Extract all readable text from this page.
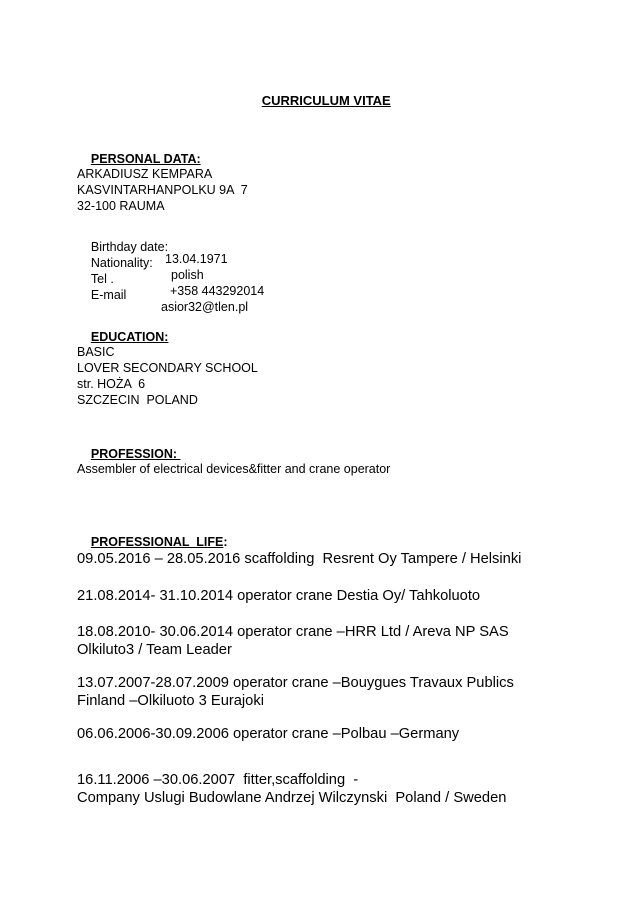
CURRICULUM VITAE

PERSONAL DATA:

ARKADIUSZ KEMPARA
KASVINTARHANPOLKU 9A  7
32-100 RAUMA

Birthday date:

13.04.1971

Nationality:

polish

Tel .

+358 443292014

E-mail

asior32@tlen.pl

EDUCATION:

BASIC
LOVER SECONDARY SCHOOL
str. HOŻA  6
SZCZECIN  POLAND

PROFESSION:

Assembler of electrical devices&fitter and crane operator

PROFESSIONAL  LIFE:

09.05.2016 – 28.05.2016 scaffolding  Resrent Oy Tampere / Helsinki
21.08.2014- 31.10.2014 operator crane Destia Oy/ Tahkoluoto
18.08.2010- 30.06.2014 operator crane –HRR Ltd / Areva NP SAS
Olkiluto3 / Team Leader
13.07.2007-28.07.2009 operator crane –Bouygues Travaux Publics
Finland –Olkiluoto 3 Eurajoki
06.06.2006-30.09.2006 operator crane –Polbau –Germany
16.11.2006 –30.06.2007  fitter,scaffolding  -
Company Uslugi Budowlane Andrzej Wilczynski  Poland / Sweden
